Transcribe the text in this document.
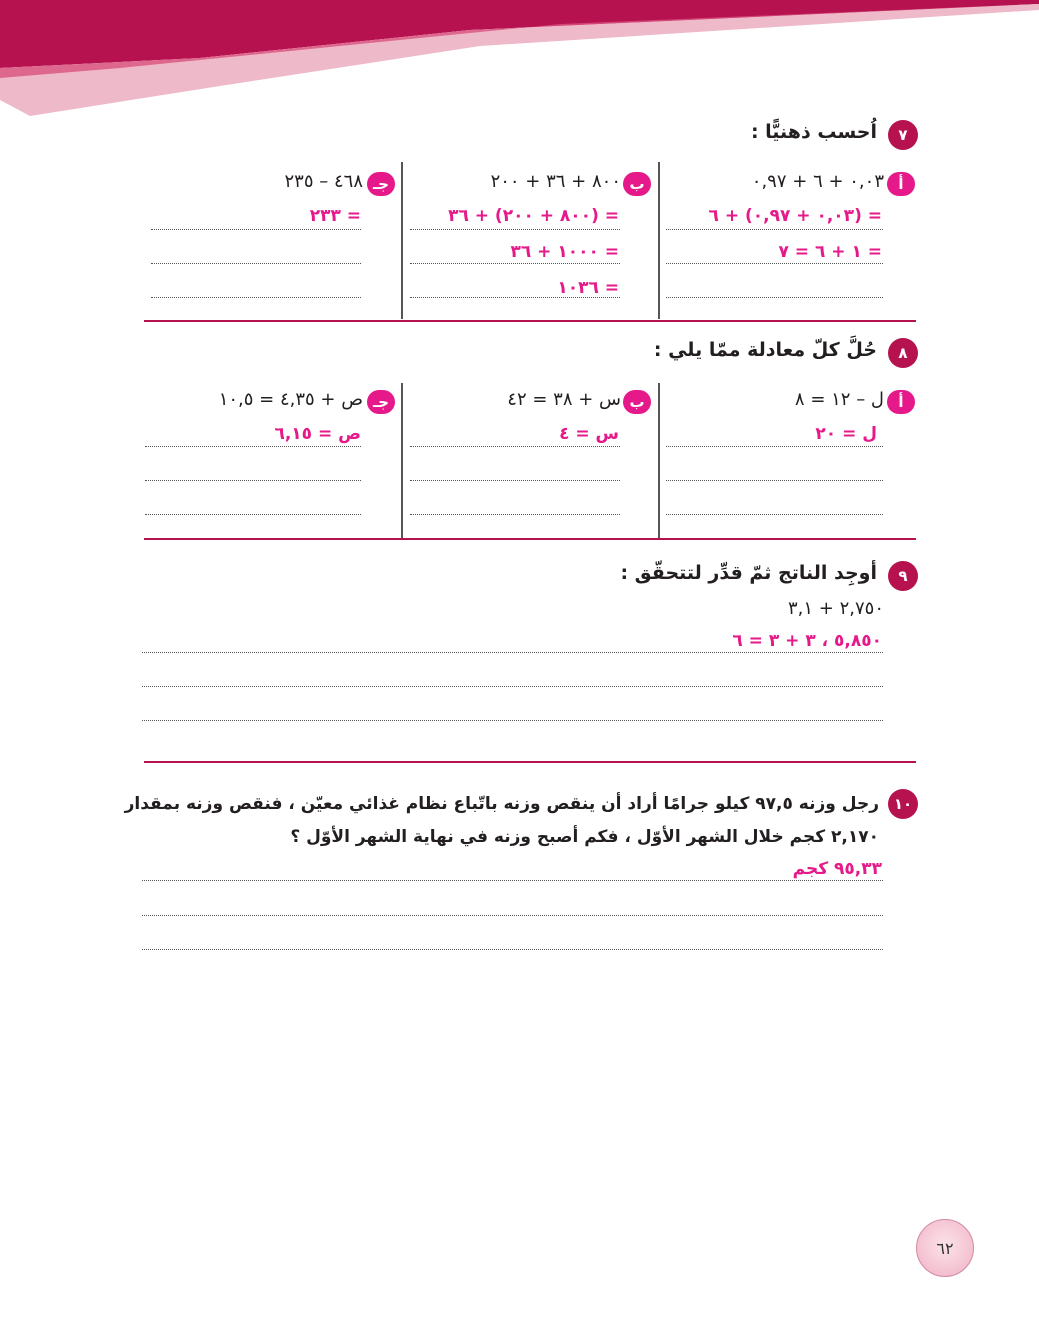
٧
اُحسب ذهنيًّا :
أ
٠,٠٣ + ٦ + ٠,٩٧
= (٠,٠٣ + ٠,٩٧) + ٦
= ١ + ٦ = ٧
ب
٨٠٠ + ٣٦ + ٢٠٠
= (٨٠٠ + ٢٠٠) + ٣٦
= ١٠٠٠ + ٣٦
= ١٠٣٦
جـ
٤٦٨ – ٢٣٥
= ٢٣٣
٨
حُلَّ كلّ معادلة ممّا يلي :
أ
ل – ١٢ = ٨
ل = ٢٠
ب
س + ٣٨ = ٤٢
س = ٤
جـ
ص + ٤,٣٥ = ١٠,٥
ص = ٦,١٥
٩
أوجِد الناتج ثمّ قدِّر لتتحقّق :
٢,٧٥٠ + ٣,١
٥,٨٥٠ ، ٣ + ٣ = ٦
١٠
رجل وزنه ٩٧,٥ كيلو جرامًا أراد أن ينقص وزنه باتّباع نظام غذائي معيّن ، فنقص وزنه بمقدار
٢,١٧٠ كجم خلال الشهر الأوّل ، فكم أصبح وزنه في نهاية الشهر الأوّل ؟
٩٥,٣٣ كجم
٦٢
